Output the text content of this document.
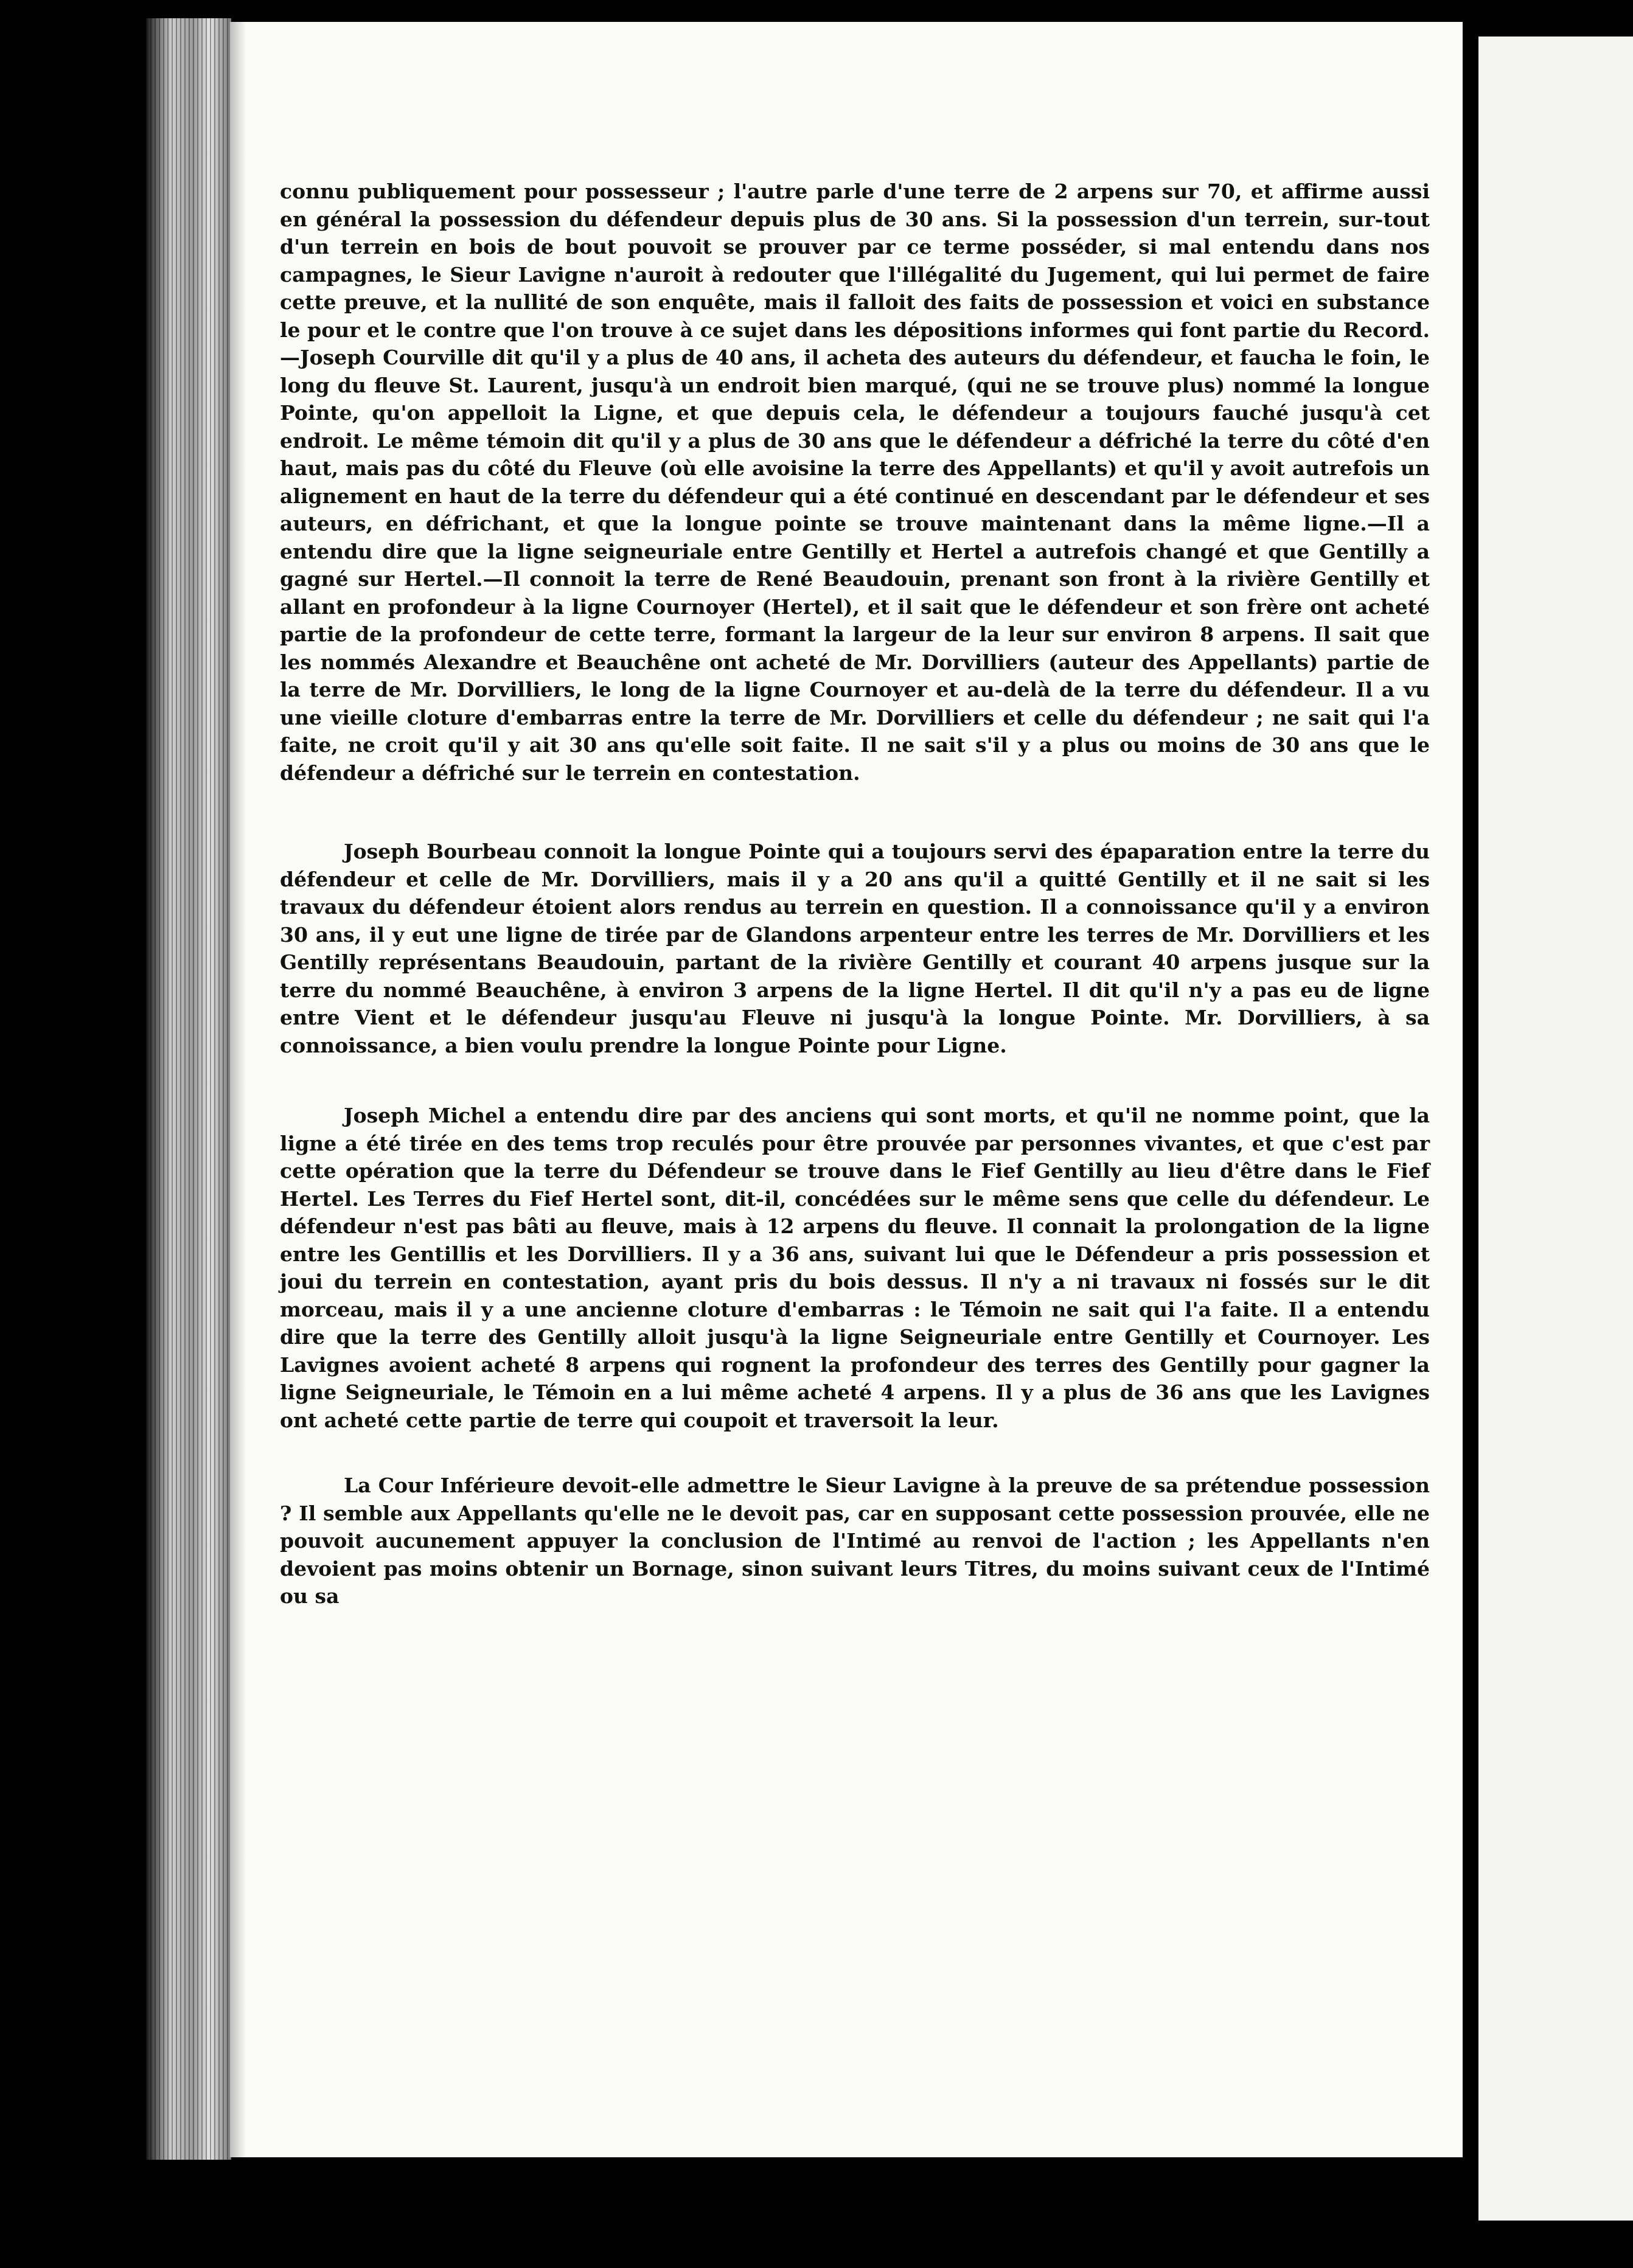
connu publiquement pour possesseur ; l'autre parle d'une terre de 2 arpens sur 70, et affirme aussi en général la possession du défendeur depuis plus de 30 ans. Si la possession d'un terrein, sur-tout d'un terrein en bois de bout pouvoit se prouver par ce terme posséder, si mal entendu dans nos campagnes, le Sieur Lavigne n'auroit à redouter que l'illégalité du Jugement, qui lui permet de faire cette preuve, et la nullité de son enquête, mais il falloit des faits de possession et voici en substance le pour et le contre que l'on trouve à ce sujet dans les dépositions informes qui font partie du Record.—Joseph Courville dit qu'il y a plus de 40 ans, il acheta des auteurs du défendeur, et faucha le foin, le long du fleuve St. Laurent, jusqu'à un endroit bien marqué, (qui ne se trouve plus) nommé la longue Pointe, qu'on appelloit la Ligne, et que depuis cela, le défendeur a toujours fauché jusqu'à cet endroit. Le même témoin dit qu'il y a plus de 30 ans que le défendeur a défriché la terre du côté d'en haut, mais pas du côté du Fleuve (où elle avoisine la terre des Appellants) et qu'il y avoit autrefois un alignement en haut de la terre du défendeur qui a été continué en descendant par le défendeur et ses auteurs, en défrichant, et que la longue pointe se trouve maintenant dans la même ligne.—Il a entendu dire que la ligne seigneuriale entre Gentilly et Hertel a autrefois changé et que Gentilly a gagné sur Hertel.—Il connoit la terre de René Beaudouin, prenant son front à la rivière Gentilly et allant en profondeur à la ligne Cournoyer (Hertel), et il sait que le défendeur et son frère ont acheté partie de la profondeur de cette terre, formant la largeur de la leur sur environ 8 arpens. Il sait que les nommés Alexandre et Beauchêne ont acheté de Mr. Dorvilliers (auteur des Appellants) partie de la terre de Mr. Dorvilliers, le long de la ligne Cournoyer et au-delà de la terre du défendeur. Il a vu une vieille cloture d'embarras entre la terre de Mr. Dorvilliers et celle du défendeur ; ne sait qui l'a faite, ne croit qu'il y ait 30 ans qu'elle soit faite. Il ne sait s'il y a plus ou moins de 30 ans que le défendeur a défriché sur le terrein en contestation.

Joseph Bourbeau connoit la longue Pointe qui a toujours servi des épaparation entre la terre du défendeur et celle de Mr. Dorvilliers, mais il y a 20 ans qu'il a quitté Gentilly et il ne sait si les travaux du défendeur étoient alors rendus au terrein en question. Il a connoissance qu'il y a environ 30 ans, il y eut une ligne de tirée par de Glandons arpenteur entre les terres de Mr. Dorvilliers et les Gentilly représentans Beaudouin, partant de la rivière Gentilly et courant 40 arpens jusque sur la terre du nommé Beauchêne, à environ 3 arpens de la ligne Hertel. Il dit qu'il n'y a pas eu de ligne entre Vient et le défendeur jusqu'au Fleuve ni jusqu'à la longue Pointe. Mr. Dorvilliers, à sa connoissance, a bien voulu prendre la longue Pointe pour Ligne.

Joseph Michel a entendu dire par des anciens qui sont morts, et qu'il ne nomme point, que la ligne a été tirée en des tems trop reculés pour être prouvée par personnes vivantes, et que c'est par cette opération que la terre du Défendeur se trouve dans le Fief Gentilly au lieu d'être dans le Fief Hertel. Les Terres du Fief Hertel sont, dit-il, concédées sur le même sens que celle du défendeur. Le défendeur n'est pas bâti au fleuve, mais à 12 arpens du fleuve. Il connait la prolongation de la ligne entre les Gentillis et les Dorvilliers. Il y a 36 ans, suivant lui que le Défendeur a pris possession et joui du terrein en contestation, ayant pris du bois dessus. Il n'y a ni travaux ni fossés sur le dit morceau, mais il y a une ancienne cloture d'embarras : le Témoin ne sait qui l'a faite. Il a entendu dire que la terre des Gentilly alloit jusqu'à la ligne Seigneuriale entre Gentilly et Cournoyer. Les Lavignes avoient acheté 8 arpens qui rognent la profondeur des terres des Gentilly pour gagner la ligne Seigneuriale, le Témoin en a lui même acheté 4 arpens. Il y a plus de 36 ans que les Lavignes ont acheté cette partie de terre qui coupoit et traversoit la leur.

La Cour Inférieure devoit-elle admettre le Sieur Lavigne à la preuve de sa prétendue possession ? Il semble aux Appellants qu'elle ne le devoit pas, car en supposant cette possession prouvée, elle ne pouvoit aucunement appuyer la conclusion de l'Intimé au renvoi de l'action ; les Appellants n'en devoient pas moins obtenir un Bornage, sinon suivant leurs Titres, du moins suivant ceux de l'Intimé ou sa
